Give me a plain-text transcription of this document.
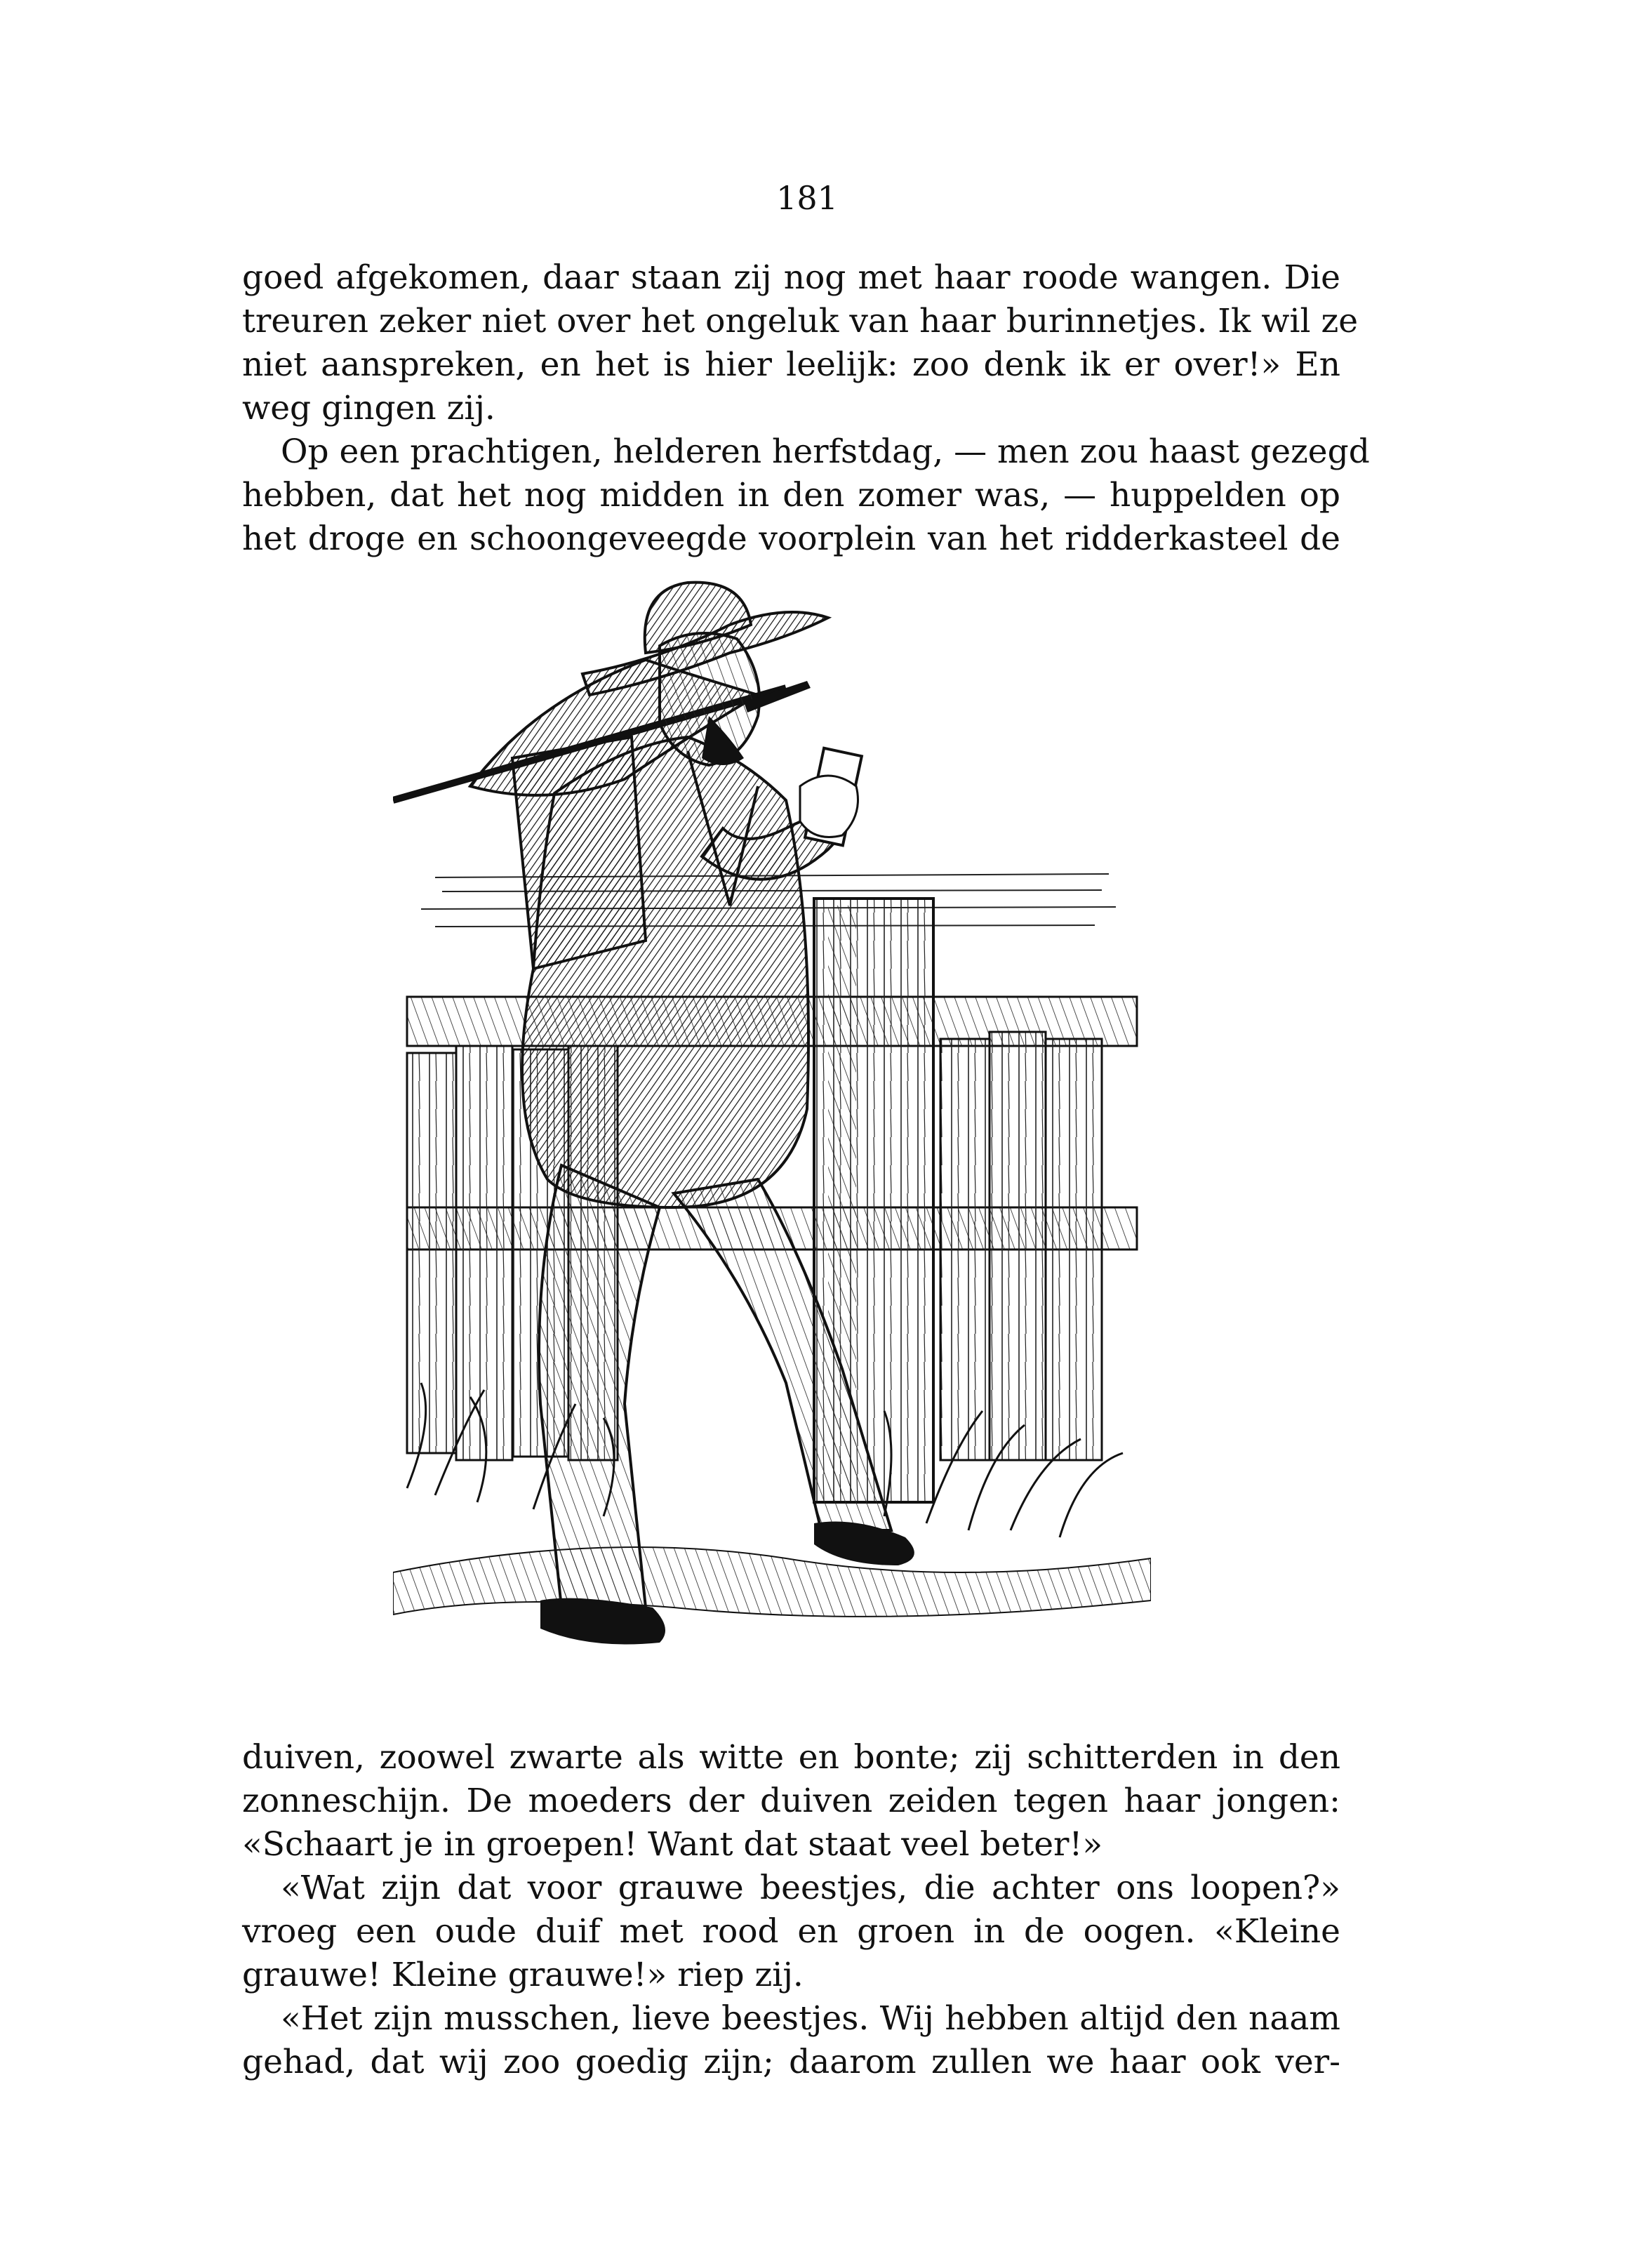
181
goed afgekomen, daar staan zij nog met haar roode wangen. Die
treuren zeker niet over het ongeluk van haar burinnetjes. Ik wil ze
niet aanspreken, en het is hier leelijk: zoo denk ik er over!» En
weg gingen zij.
Op een prachtigen, helderen herfstdag, — men zou haast gezegd
hebben, dat het nog midden in den zomer was, — huppelden op
het droge en schoongeveegde voorplein van het ridderkasteel de
duiven, zoowel zwarte als witte en bonte; zij schitterden in den
zonneschijn. De moeders der duiven zeiden tegen haar jongen:
«Schaart je in groepen! Want dat staat veel beter!»
«Wat zijn dat voor grauwe beestjes, die achter ons loopen?»
vroeg een oude duif met rood en groen in de oogen. «Kleine
grauwe! Kleine grauwe!» riep zij.
«Het zijn musschen, lieve beestjes. Wij hebben altijd den naam
gehad, dat wij zoo goedig zijn; daarom zullen we haar ook ver-
